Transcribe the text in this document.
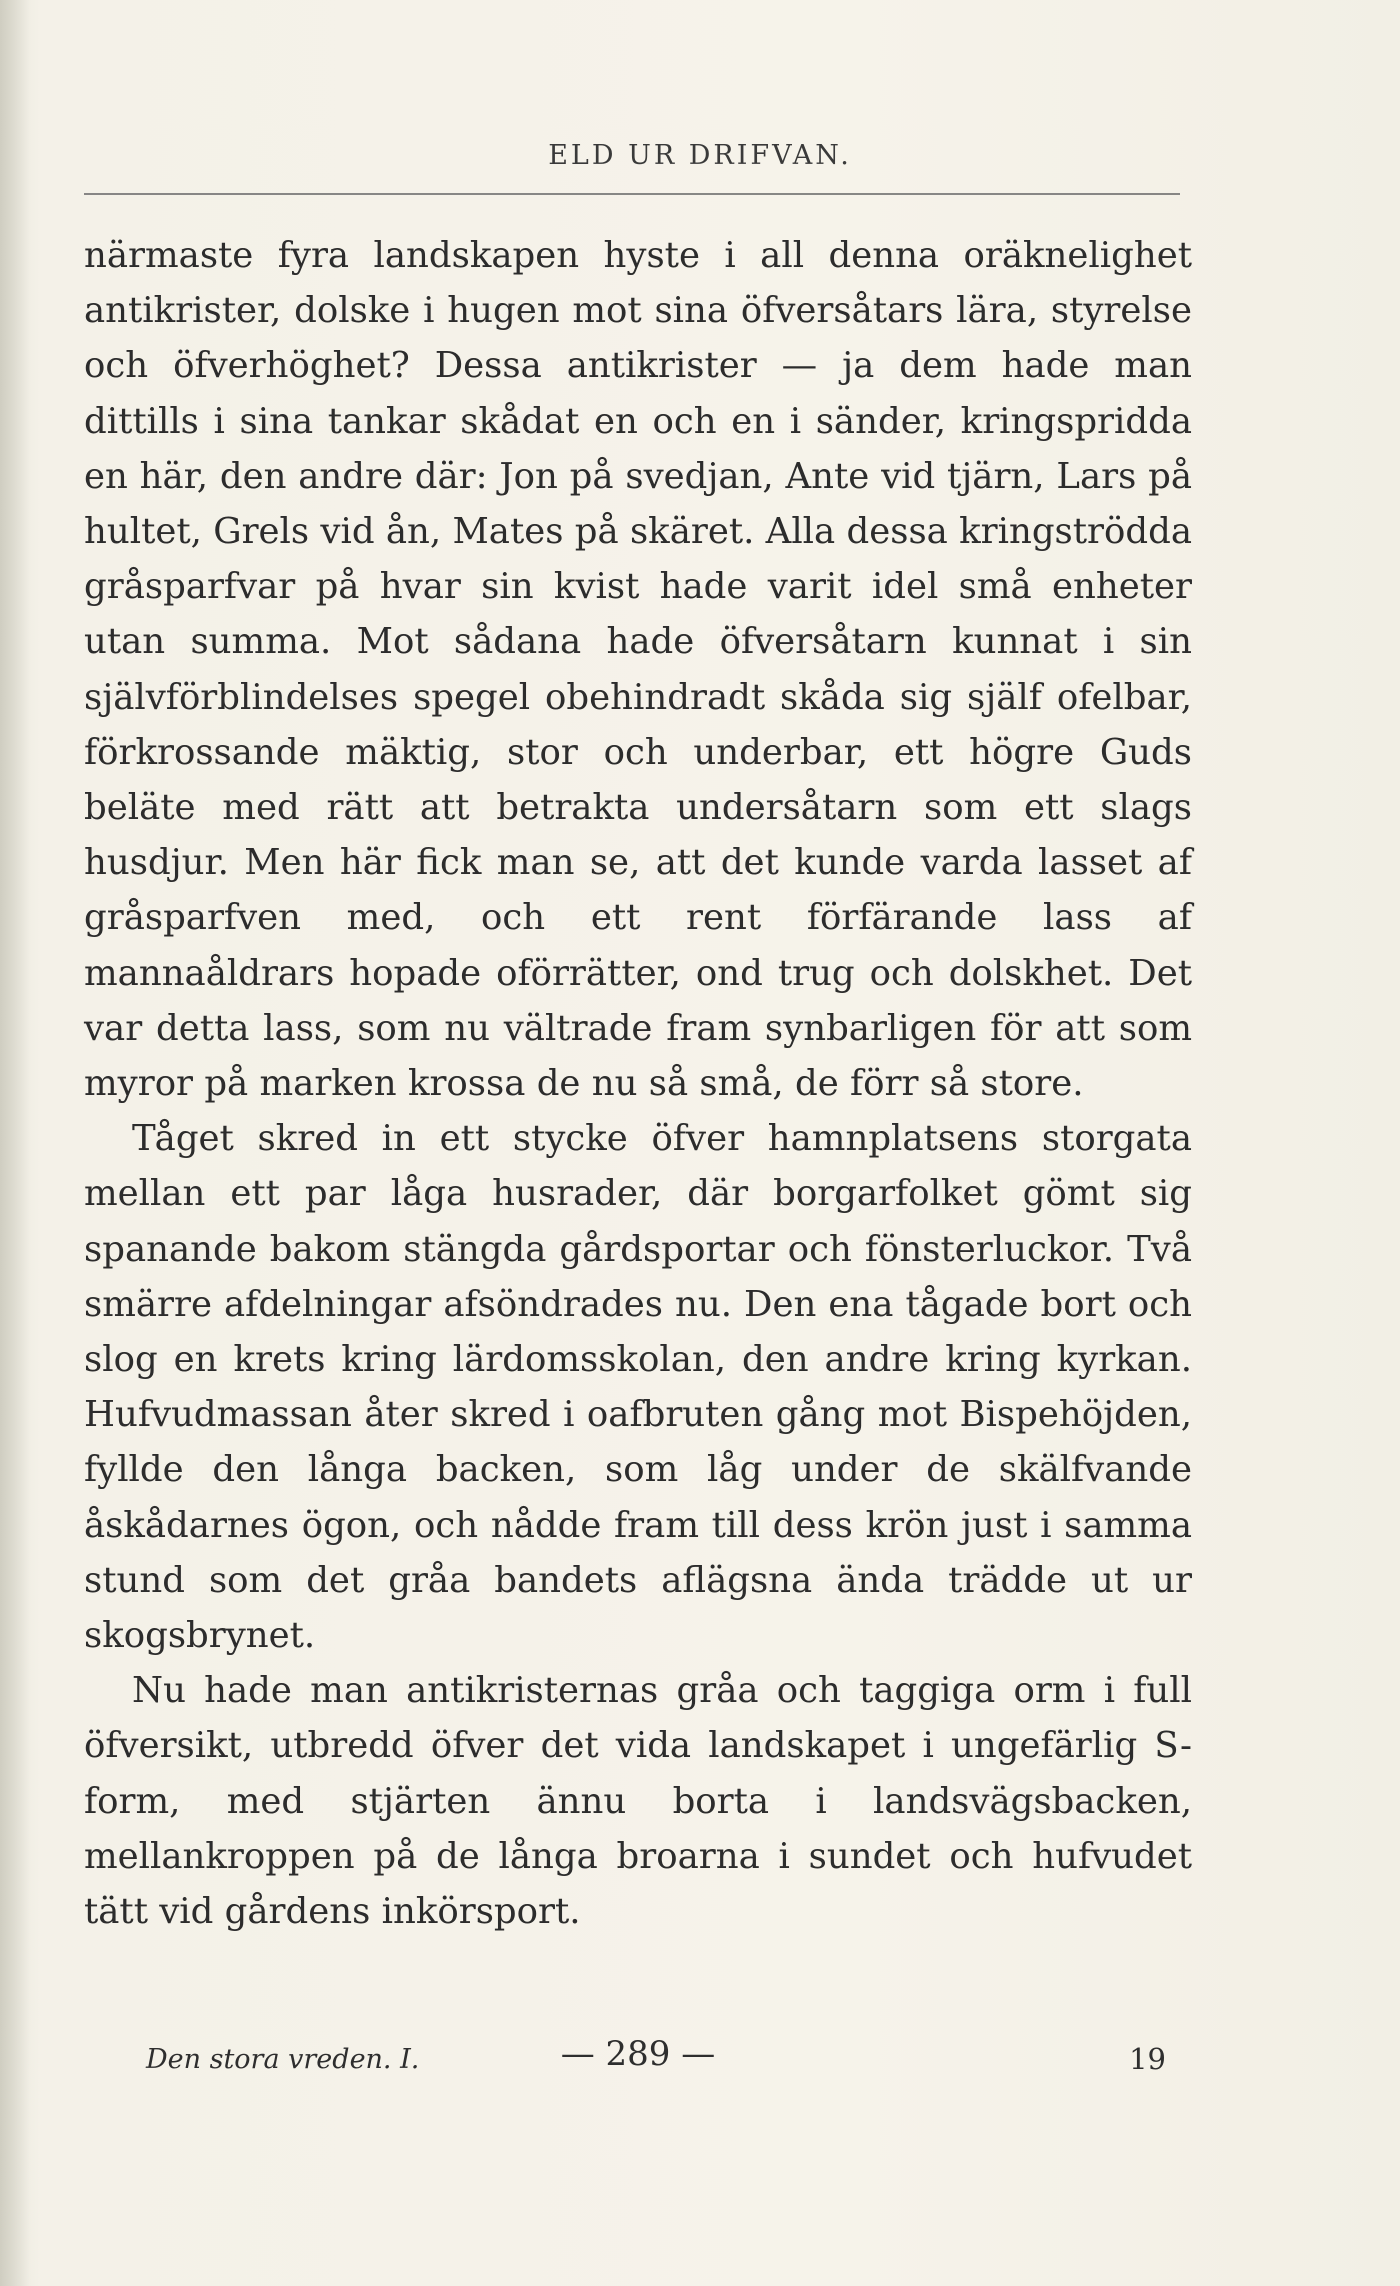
ELD UR DRIFVAN.

närmaste fyra landskapen hyste i all denna oräknelighet antikrister, dolske i hugen mot sina öfversåtars lära, styrelse och öfverhöghet? Dessa antikrister — ja dem hade man dittills i sina tankar skådat en och en i sänder, kringspridda en här, den andre där: Jon på svedjan, Ante vid tjärn, Lars på hultet, Grels vid ån, Mates på skäret. Alla dessa kringströdda gråsparfvar på hvar sin kvist hade varit idel små enheter utan summa. Mot sådana hade öfversåtarn kunnat i sin självförblindelses spegel obehindradt skåda sig själf ofelbar, förkrossande mäktig, stor och underbar, ett högre Guds beläte med rätt att betrakta undersåtarn som ett slags husdjur. Men här fick man se, att det kunde varda lasset af gråsparfven med, och ett rent förfärande lass af mannaåldrars hopade oförrätter, ond trug och dolskhet. Det var detta lass, som nu vältrade fram synbarligen för att som myror på marken krossa de nu så små, de förr så store.

Tåget skred in ett stycke öfver hamnplatsens storgata mellan ett par låga husrader, där borgarfolket gömt sig spanande bakom stängda gårdsportar och fönsterluckor. Två smärre afdelningar afsöndrades nu. Den ena tågade bort och slog en krets kring lärdomsskolan, den andre kring kyrkan. Hufvudmassan åter skred i oafbruten gång mot Bispehöjden, fyllde den långa backen, som låg under de skälfvande åskådarnes ögon, och nådde fram till dess krön just i samma stund som det gråa bandets aflägsna ända trädde ut ur skogsbrynet.

Nu hade man antikristernas gråa och taggiga orm i full öfversikt, utbredd öfver det vida landskapet i ungefärlig S-form, med stjärten ännu borta i landsvägsbacken, mellankroppen på de långa broarna i sundet och hufvudet tätt vid gårdens inkörsport.

Den stora vreden. I.	— 289 —	19
